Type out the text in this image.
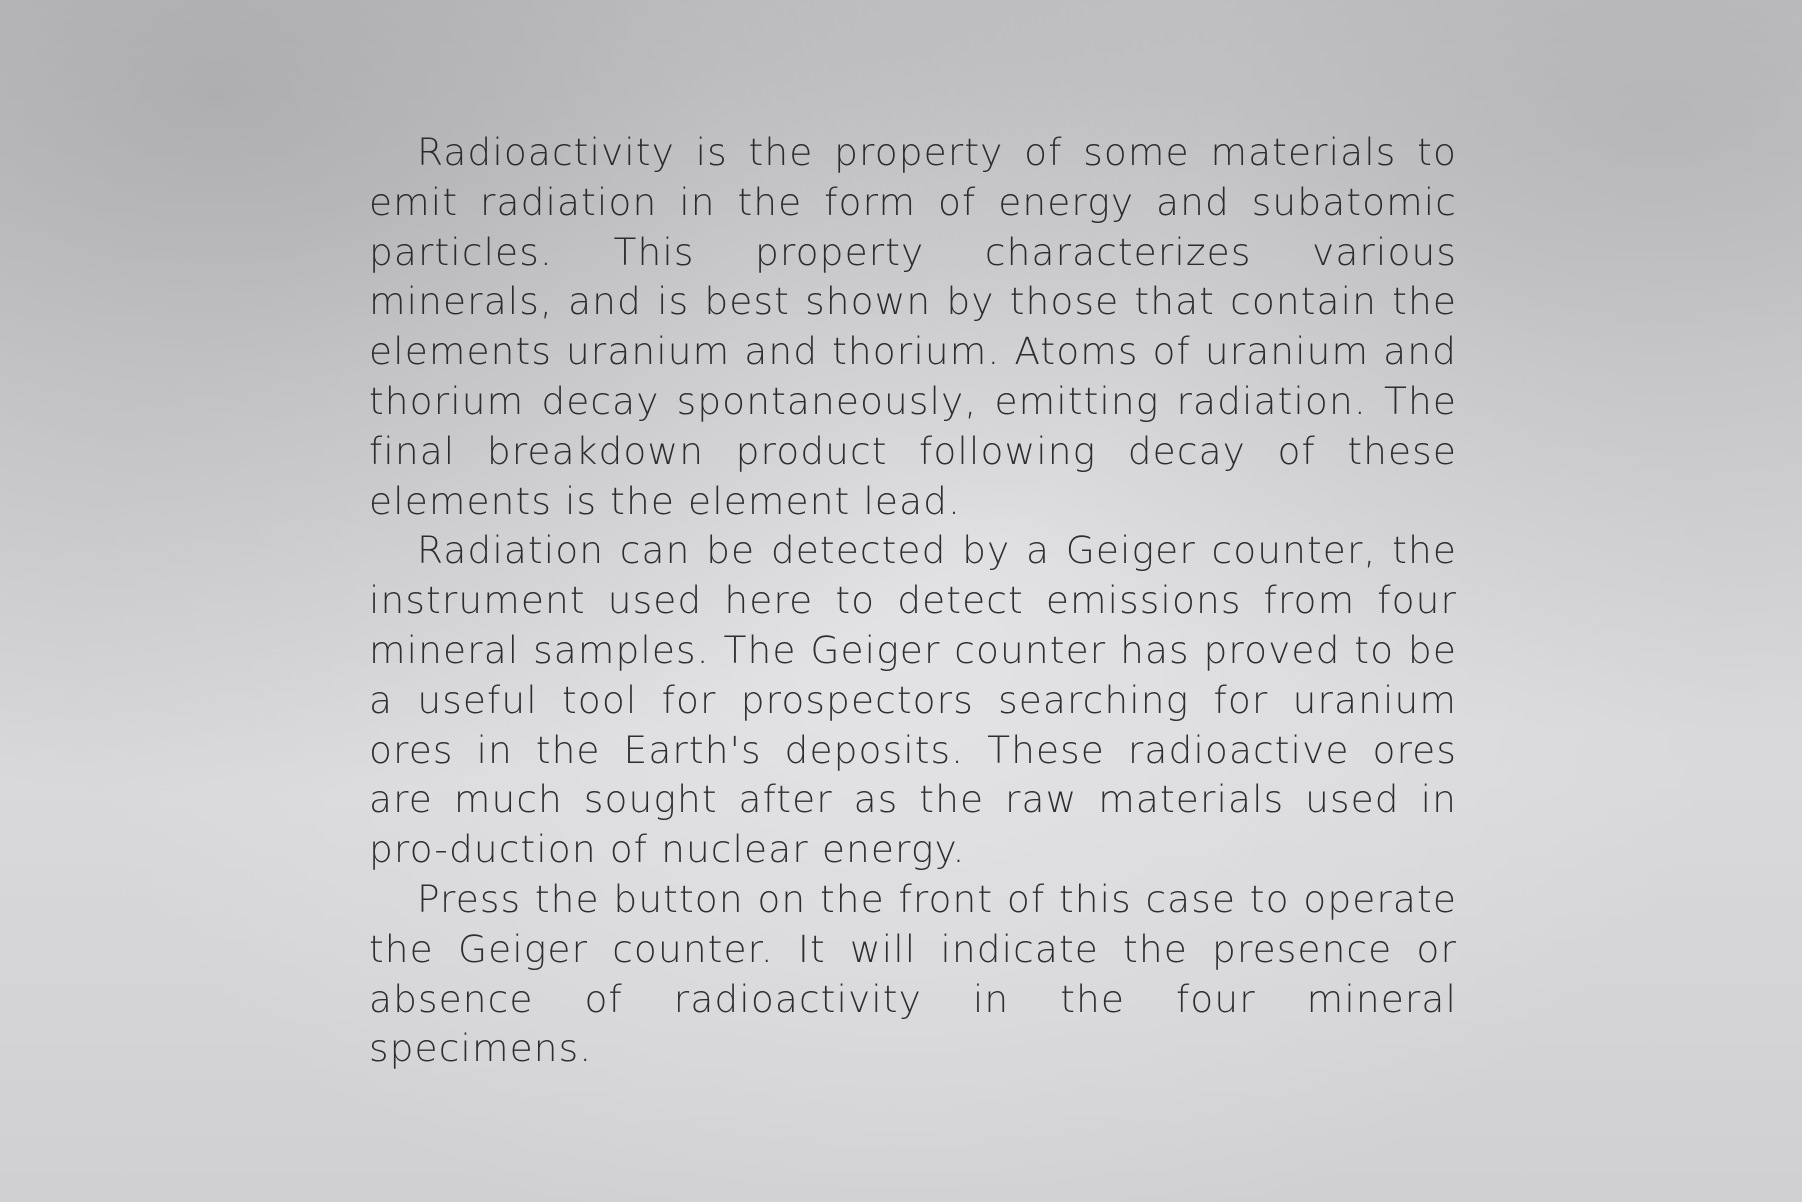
Radioactivity is the property of some materials to emit radiation in the form of energy and subatomic particles. This property characterizes various minerals, and is best shown by those that contain the elements uranium and thorium. Atoms of uranium and thorium decay spontaneously, emitting radiation. The final breakdown product following decay of these elements is the element lead.

Radiation can be detected by a Geiger counter, the instrument used here to detect emissions from four mineral samples. The Geiger counter has proved to be a useful tool for prospectors searching for uranium ores in the Earth's deposits. These radioactive ores are much sought after as the raw materials used in pro-duction of nuclear energy.

Press the button on the front of this case to operate the Geiger counter. It will indicate the presence or absence of radioactivity in the four mineral specimens.
